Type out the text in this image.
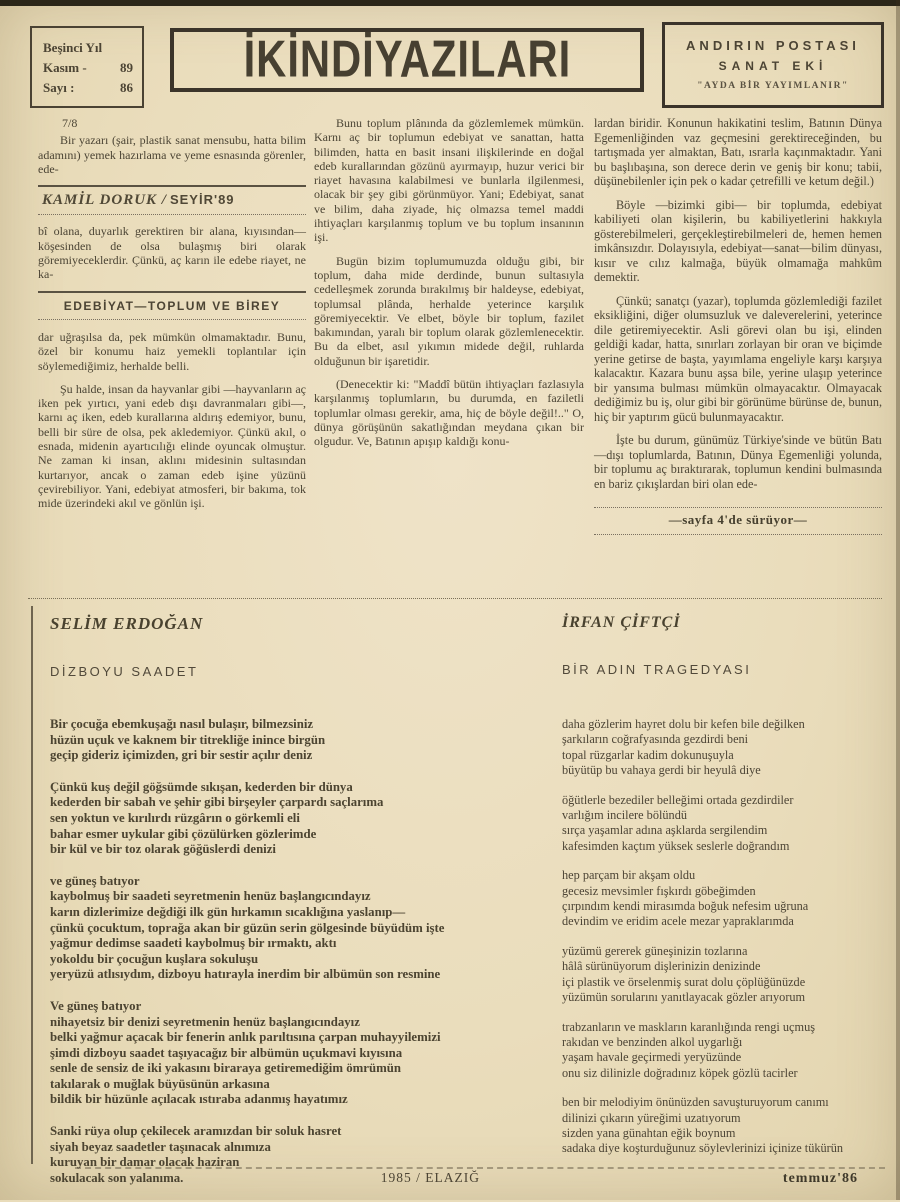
Beşinci Yıl
Kasım -	89
Sayı :	86	İKİNDİYAZILARI	ANDIRIN POSTASI
SANAT EKİ
"AYDA BİR YAYIMLANIR"
7/8
Bir yazarı (şair, plastik sanat mensubu, hatta bilim adamını) yemek hazırlama ve yeme esnasında görenler, ede-
KAMİL DORUK / SEYİR'89
bî olana, duyarlık gerektiren bir alana, kıyısından—köşesinden de olsa bulaşmış biri olarak göremiyeceklerdir. Çünkü, aç karın ile edebe riayet, ne ka-
EDEBİYAT—TOPLUM VE BİREY
dar uğraşılsa da, pek mümkün olmamaktadır. Bunu, özel bir konumu haiz yemekli toplantılar için söylemediğimiz, herhalde belli.
Şu halde, insan da hayvanlar gibi —hayvanların aç iken pek yırtıcı, yani edeb dışı davranmaları gibi—, karnı aç iken, edeb kurallarına aldırış edemiyor, bunu, belli bir süre de olsa, pek akledemiyor. Çünkü akıl, o esnada, midenin ayartıcılığı elinde oyuncak olmuştur. Ne zaman ki insan, aklını midesinin sultasından kurtarıyor, ancak o zaman edeb işine yüzünü çevirebiliyor. Yani, edebiyat atmosferi, bir bakıma, tok mide üzerindeki akıl ve gönlün işi.
Bunu toplum plânında da gözlemlemek mümkün. Karnı aç bir toplumun edebiyat ve sanattan, hatta bilimden, hatta en basit insani ilişkilerinde en doğal edeb kurallarından gözünü ayırmayıp, huzur verici bir riayet havasına kalabilmesi ve bunlarla ilgilenmesi, olacak bir şey gibi görünmüyor. Yani; Edebiyat, sanat ve bilim, daha ziyade, hiç olmazsa temel maddi ihtiyaçları karşılanmış toplum ve bu toplum insanının işi.
Bugün bizim toplumumuzda olduğu gibi, bir toplum, daha mide derdinde, bunun sultasıyla cedelleşmek zorunda bırakılmış bir haldeyse, edebiyat, toplumsal plânda, herhalde yeterince karşılık göremiyecektir. Ve elbet, böyle bir toplum, fazilet bakımından, yaralı bir toplum olarak gözlemlenecektir. Bu da elbet, asıl yıkımın midede değil, ruhlarda olduğunun bir işaretidir.
(Denecektir ki: "Maddî bütün ihtiyaçları fazlasıyla karşılanmış toplumların, bu durumda, en faziletli toplumlar olması gerekir, ama, hiç de böyle değil!.." O, dünya görüşünün sakatlığından meydana çıkan bir olgudur. Ve, Batının apışıp kaldığı konu-
lardan biridir. Konunun hakikatini teslim, Batının Dünya Egemenliğinden vaz geçmesini gerektireceğinden, bu tartışmada yer almaktan, Batı, ısrarla kaçınmaktadır. Yani bu başlıbaşına, son derece derin ve geniş bir konu; tabii, düşünebilenler için pek o kadar çetrefilli ve ketum değil.)
Böyle —bizimki gibi— bir toplumda, edebiyat kabiliyeti olan kişilerin, bu kabiliyetlerini hakkıyla gösterebilmeleri, gerçekleştirebilmeleri de, hemen hemen imkânsızdır. Dolayısıyla, edebiyat—sanat—bilim dünyası, kısır ve cılız kalmağa, büyük olmamağa mahkûm demektir.
Çünkü; sanatçı (yazar), toplumda gözlemlediği fazilet eksikliğini, diğer olumsuzluk ve daleverelerini, yeterince dile getiremiyecektir. Asli görevi olan bu işi, elinden geldiği kadar, hatta, sınırları zorlayan bir oran ve biçimde yerine getirse de başta, yayımlama engeliyle karşı karşıya kalacaktır. Kazara bunu aşsa bile, yerine ulaşıp yeterince bir yansıma bulması mümkün olmayacaktır. Olmayacak dediğimiz bu iş, olur gibi bir görünüme bürünse de, bunun, hiç bir yaptırım gücü bulunmayacaktır.
İşte bu durum, günümüz Türkiye'sinde ve bütün Batı—dışı toplumlarda, Batının, Dünya Egemenliği yolunda, bir toplumu aç bıraktırarak, toplumun kendini bulmasında en bariz çıkışlardan biri olan ede-
—sayfa 4'de sürüyor—
SELİM ERDOĞAN
DİZBOYU SAADET
Bir çocuğa ebemkuşağı nasıl bulaşır, bilmezsiniz
hüzün uçuk ve kaknem bir titrekliğe inince birgün
geçip gideriz içimizden, gri bir sestir açılır deniz
Çünkü kuş değil göğsümde sıkışan, kederden bir dünya
kederden bir sabah ve şehir gibi birşeyler çarpardı saçlarıma
sen yoktun ve kırılırdı rüzgârın o görkemli eli
bahar esmer uykular gibi çözülürken gözlerimde
bir kül ve bir toz olarak göğüslerdi denizi
ve güneş batıyor
kaybolmuş bir saadeti seyretmenin henüz başlangıcındayız
karın dizlerimize değdiği ilk gün hırkamın sıcaklığına yaslanıp—
çünkü çocuktum, toprağa akan bir güzün serin gölgesinde büyüdüm işte
yağmur dedimse saadeti kaybolmuş bir ırmaktı, aktı
yokoldu bir çocuğun kuşlara sokuluşu
yeryüzü atlısıydım, dizboyu hatırayla inerdim bir albümün son resmine
Ve güneş batıyor
nihayetsiz bir denizi seyretmenin henüz başlangıcındayız
belki yağmur açacak bir fenerin anlık parıltısına çarpan muhayyilemizi
şimdi dizboyu saadet taşıyacağız bir albümün uçukmavi kıyısına
senle de sensiz de iki yakasını biraraya getiremediğim ömrümün
takılarak o muğlak büyüsünün arkasına
bildik bir hüzünle açılacak ıstıraba adanmış hayatımız
Sanki rüya olup çekilecek aramızdan bir soluk hasret
siyah beyaz saadetler taşınacak alnımıza
kuruyan bir damar olacak haziran
sokulacak son yalanıma.	1985 / ELAZIĞ
İRFAN ÇİFTÇİ
BİR ADIN TRAGEDYASI
daha gözlerim hayret dolu bir kefen bile değilken
şarkıların coğrafyasında gezdirdi beni
topal rüzgarlar kadim dokunuşuyla
büyütüp bu vahaya gerdi bir heyulâ diye
öğütlerle bezediler belleğimi ortada gezdirdiler
varlığım incilere bölündü
sırça yaşamlar adına aşklarda sergilendim
kafesimden kaçtım yüksek seslerle doğrandım
hep parçam bir akşam oldu
gecesiz mevsimler fışkırdı göbeğimden
çırpındım kendi mirasımda boğuk nefesim uğruna
devindim ve eridim acele mezar yapraklarımda
yüzümü gererek güneşinizin tozlarına
hâlâ sürünüyorum dişlerinizin denizinde
içi plastik ve örselenmiş surat dolu çöplüğünüzde
yüzümün sorularını yanıtlayacak gözler arıyorum
trabzanların ve maskların karanlığında rengi uçmuş
rakıdan ve benzinden alkol uygarlığı
yaşam havale geçirmedi yeryüzünde
onu siz dilinizle doğradınız köpek gözlü tacirler
ben bir melodiyim önünüzden savuşturuyorum canımı
dilinizi çıkarın yüreğimi uzatıyorum
sizden yana günahtan eğik boynum
sadaka diye koşturduğunuz söylevlerinizi içinize tükürün
temmuz'86
